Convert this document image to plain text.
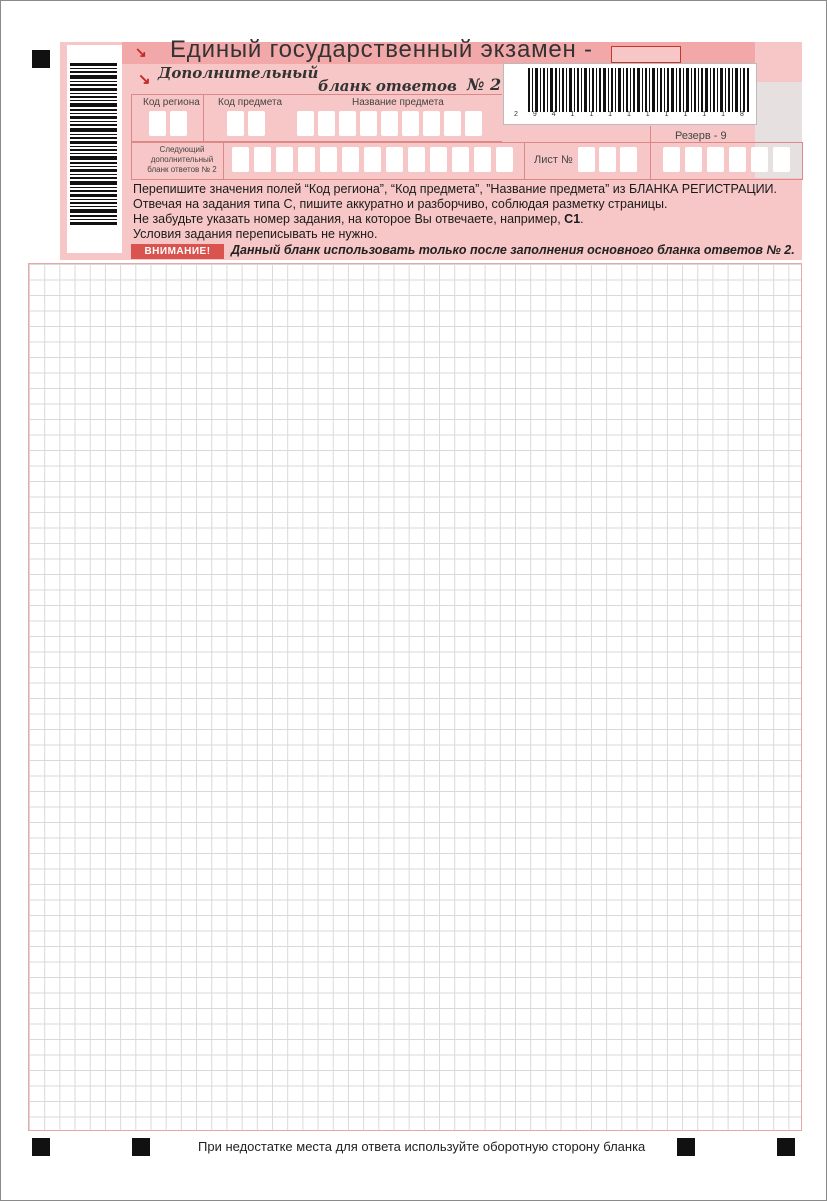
↘ Единый государственный экзамен -
↘ Дополнительный
бланк ответов № 2
2 9 4 1 1 1 1 1 1 1 1 1 8
Код региона Код предмета	Название предмета
Резерв - 9
Следующий дополнительный бланк ответов № 2
Лист №
Перепишите значения полей “Код региона”, “Код предмета”, ”Название предмета” из БЛАНКА РЕГИСТРАЦИИ.
Отвечая на задания типа С, пишите аккуратно и разборчиво, соблюдая разметку страницы.
Не забудьте указать номер задания, на которое Вы отвечаете, например, С1.
Условия задания переписывать не нужно.
ВНИМАНИЕ!	Данный бланк использовать только после заполнения основного бланка ответов № 2.
При недостатке места для ответа используйте оборотную сторону бланка
